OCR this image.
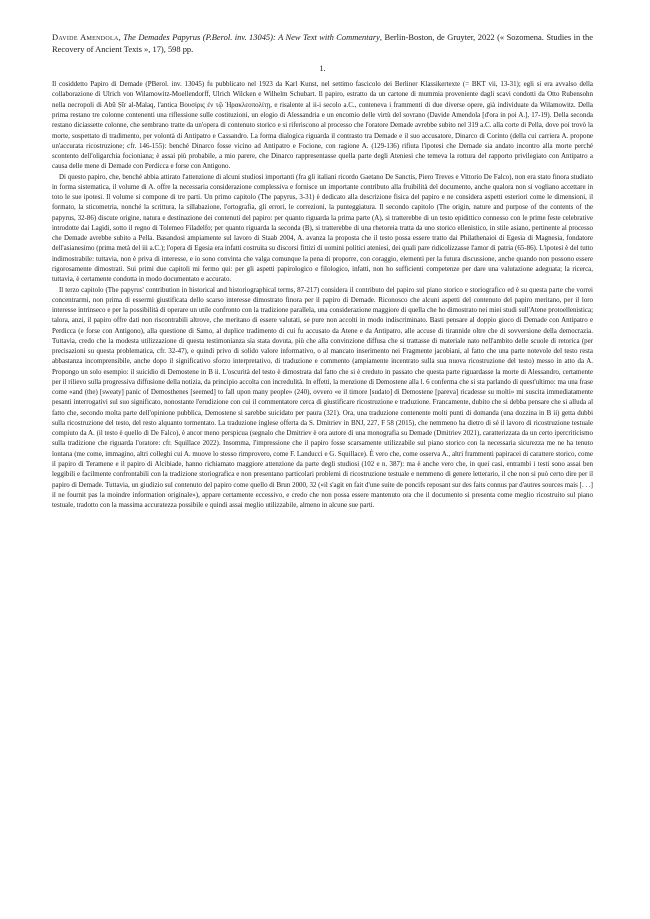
Davide Amendola, The Demades Papyrus (P.Berol. inv. 13045): A New Text with Commentary, Berlin-Boston, de Gruyter, 2022 (« Sozomena. Studies in the Recovery of Ancient Texts », 17), 598 pp.

1.

Il cosiddetto Papiro di Demade (PBerol. inv. 13045) fu pubblicato nel 1923 da Karl Kunst, nel settimo fascicolo dei Berliner Klassikertexte (= BKT vii, 13-31); egli si era avvalso della collaborazione di Ulrich von Wilamowitz-Moellendorff, Ulrich Wilcken e Wilhelm Schubart. Il papiro, estratto da un cartone di mummia proveniente dagli scavi condotti da Otto Rubensohn nella necropoli di Abū Ṣīr al-Malaq, l'antica Βουσίρις ἐν τῷ Ἡρακλεοπολίτῃ, e risalente al ii-i secolo a.C., conteneva i frammenti di due diverse opere, già individuate da Wilamowitz. Della prima restano tre colonne contenenti una riflessione sulle costituzioni, un elogio di Alessandria e un encomio delle virtù del sovrano (Davide Amendola [d'ora in poi A.], 17-19). Della seconda restano diciassette colonne, che sembrano tratte da un'opera di contenuto storico e si riferiscono al processo che l'oratore Demade avrebbe subito nel 319 a.C. alla corte di Pella, dove poi trovò la morte, sospettato di tradimento, per volontà di Antipatro e Cassandro. La forma dialogica riguarda il contrasto tra Demade e il suo accusatore, Dinarco di Corinto (della cui carriera A. propone un'accurata ricostruzione; cfr. 146-155): benché Dinarco fosse vicino ad Antipatro e Focione, con ragione A. (129-136) rifiuta l'ipotesi che Demade sia andato incontro alla morte perché scontento dell'oligarchia focioniana; è assai più probabile, a mio parere, che Dinarco rappresentasse quella parte degli Ateniesi che temeva la rottura del rapporto privilegiato con Antipatro a causa delle mene di Demade con Perdicca e forse con Antigono.

Di questo papiro, che, benché abbia attirato l'attenzione di alcuni studiosi importanti (fra gli italiani ricordo Gaetano De Sanctis, Piero Treves e Vittorio De Falco), non era stato finora studiato in forma sistematica, il volume di A. offre la necessaria considerazione complessiva e fornisce un importante contributo alla fruibilità del documento, anche qualora non si vogliano accettare in toto le sue ipotesi. Il volume si compone di tre parti. Un primo capitolo (The papyrus, 3-31) è dedicato alla descrizione fisica del papiro e ne considera aspetti esteriori come le dimensioni, il formato, la sticometria, nonché la scrittura, la sillabazione, l'ortografia, gli errori, le correzioni, la punteggiatura. Il secondo capitolo (The origin, nature and purpose of the contents of the papyrus, 32-86) discute origine, natura e destinazione dei contenuti del papiro: per quanto riguarda la prima parte (A), si tratterebbe di un testo epidittico connesso con le prime feste celebrative introdotte dai Lagidi, sotto il regno di Tolemeo Filadelfo; per quanto riguarda la seconda (B), si tratterebbe di una rhetoreia tratta da uno storico ellenistico, in stile asiano, pertinente al processo che Demade avrebbe subito a Pella. Basandosi ampiamente sul lavoro di Staab 2004, A. avanza la proposta che il testo possa essere tratto dai Philathenaioi di Egesia di Magnesia, fondatore dell'asianesimo (prima metà del iii a.C.); l'opera di Egesia era infatti costruita su discorsi fittizi di uomini politici ateniesi, dei quali pare ridicolizzasse l'amor di patria (65-86). L'ipotesi è del tutto indimostrabile: tuttavia, non è priva di interesse, e io sono convinta che valga comunque la pena di proporre, con coraggio, elementi per la futura discussione, anche quando non possono essere rigorosamente dimostrati. Sui primi due capitoli mi fermo qui: per gli aspetti papirologico e filologico, infatti, non ho sufficienti competenze per dare una valutazione adeguata; la ricerca, tuttavia, è certamente condotta in modo documentato e accurato.

Il terzo capitolo (The papyrus' contribution in historical and historiographical terms, 87-217) considera il contributo del papiro sul piano storico e storiografico ed è su questa parte che vorrei concentrarmi, non prima di essermi giustificata dello scarso interesse dimostrato finora per il papiro di Demade. Riconosco che alcuni aspetti del contenuto del papiro meritano, per il loro interesse intrinseco e per la possibilità di operare un utile confronto con la tradizione parallela, una considerazione maggiore di quella che ho dimostrato nei miei studi sull'Atene protoellenistica; talora, anzi, il papiro offre dati non riscontrabili altrove, che meritano di essere valutati, se pure non accolti in modo indiscriminato. Basti pensare al doppio gioco di Demade con Antipatro e Perdicca (e forse con Antigono), alla questione di Samo, al duplice tradimento di cui fu accusato da Atene e da Antipatro, alle accuse di tirannide oltre che di sovversione della democrazia. Tuttavia, credo che la modesta utilizzazione di questa testimonianza sia stata dovuta, più che alla convinzione diffusa che si trattasse di materiale nato nell'ambito delle scuole di retorica (per precisazioni su questa problematica, cfr. 32-47), e quindi privo di solido valore informativo, o al mancato inserimento nei Fragmente jacobiani, al fatto che una parte notevole del testo resta abbastanza incomprensibile, anche dopo il significativo sforzo interpretativo, di traduzione e commento (ampiamente incentrato sulla sua nuova ricostruzione del testo) messo in atto da A. Propongo un solo esempio: il suicidio di Demostene in B ii. L'oscurità del testo è dimostrata dal fatto che si è creduto in passato che questa parte riguardasse la morte di Alessandro, certamente per il rilievo sulla progressiva diffusione della notizia, da principio accolta con incredulità. In effetti, la menzione di Demostene alla l. 6 conferma che si sta parlando di quest'ultimo: ma una frase come «and (the) [sweaty] panic of Demosthenes [seemed] to fall upon many people» (240), ovvero «e il timore [sudato] di Demostene [pareva] ricadesse su molti» mi suscita immediatamente pesanti interrogativi sul suo significato, nonostante l'erudizione con cui il commentatore cerca di giustificare ricostruzione e traduzione. Francamente, dubito che si debba pensare che si alluda al fatto che, secondo molta parte dell'opinione pubblica, Demostene si sarebbe suicidato per paura (321). Ora, una traduzione contenente molti punti di domanda (una dozzina in B ii) getta dubbi sulla ricostruzione del testo, del resto alquanto tormentato. La traduzione inglese offerta da S. Dmitriev in BNJ, 227, F 58 (2015), che nemmeno ha dietro di sé il lavoro di ricostruzione testuale compiuto da A. (il testo è quello di De Falco), è ancor meno perspicua (segnalo che Dmitriev è ora autore di una monografia su Demade (Dmitriev 2021), caratterizzata da un certo ipercriticismo sulla tradizione che riguarda l'oratore: cfr. Squillace 2022). Insomma, l'impressione che il papiro fosse scarsamente utilizzabile sul piano storico con la necessaria sicurezza me ne ha tenuto lontana (me come, immagino, altri colleghi cui A. muove lo stesso rimprovero, come F. Landucci e G. Squillace). È vero che, come osserva A., altri frammenti papiracei di carattere storico, come il papiro di Teramene e il papiro di Alcibiade, hanno richiamato maggiore attenzione da parte degli studiosi (102 e n. 387): ma è anche vero che, in quei casi, entrambi i testi sono assai ben leggibili e facilmente confrontabili con la tradizione storiografica e non presentano particolari problemi di ricostruzione testuale e nemmeno di genere letterario, il che non si può certo dire per il papiro di Demade. Tuttavia, un giudizio sul contenuto del papiro come quello di Brun 2000, 32 («il s'agit en fait d'une suite de poncifs reposant sur des faits connus par d'autres sources mais [. . .] il ne fournit pas la moindre information originale»), appare certamente eccessivo, e credo che non possa essere mantenuto ora che il documento si presenta come meglio ricostruito sul piano testuale, tradotto con la massima accuratezza possibile e quindi assai meglio utilizzabile, almeno in alcune sue parti.
